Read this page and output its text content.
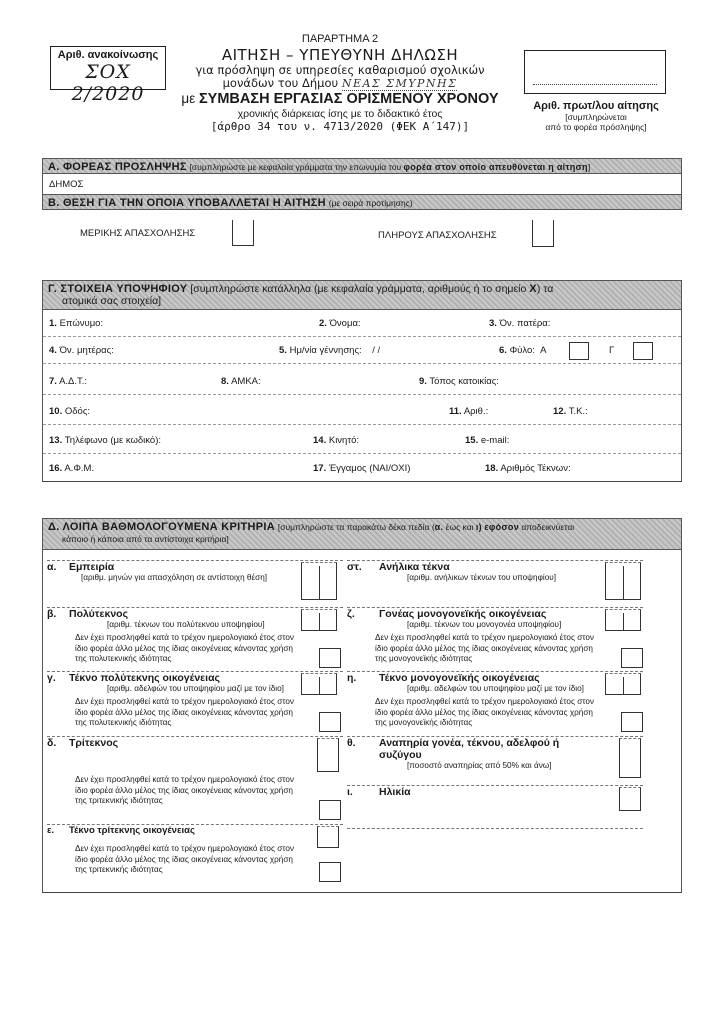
Αριθ. ανακοίνωσης
ΣΟΧ 2/2020
ΠΑΡΑΡΤΗΜΑ 2
ΑΙΤΗΣΗ – ΥΠΕΥΘΥΝΗ ΔΗΛΩΣΗ
για πρόσληψη σε υπηρεσίες καθαρισμού σχολικών
μονάδων του Δήμου ΝΕΑΣ ΣΜΥΡΝΗΣ
με ΣΥΜΒΑΣΗ ΕΡΓΑΣΙΑΣ ΟΡΙΣΜΕΝΟΥ ΧΡΟΝΟΥ
χρονικής διάρκειας ίσης με το διδακτικό έτος
[άρθρο 34 του ν. 4713/2020 (ΦΕΚ Α΄147)]
Αριθ. πρωτ/λου αίτησης
[συμπληρώνεται
από το φορέα πρόσληψης]
Α. ΦΟΡΕΑΣ ΠΡΟΣΛΗΨΗΣ [συμπληρώστε με κεφαλαία γράμματα την επωνυμία του φορέα στον οποίο απευθύνεται η αίτηση]
ΔΗΜΟΣ
Β. ΘΕΣΗ ΓΙΑ ΤΗΝ ΟΠΟΙΑ ΥΠΟΒΑΛΛΕΤΑΙ Η ΑΙΤΗΣΗ (με σειρά προτίμησης)
ΜΕΡΙΚΗΣ ΑΠΑΣΧΟΛΗΣΗΣ	ΠΛΗΡΟΥΣ ΑΠΑΣΧΟΛΗΣΗΣ
Γ. ΣΤΟΙΧΕΙΑ ΥΠΟΨΗΦΙΟΥ [συμπληρώστε κατάλληλα (με κεφαλαία γράμματα, αριθμούς ή το σημείο Χ) τα
ατομικά σας στοιχεία]
1. Επώνυμο:	2. Όνομα:	3. Όν. πατέρα:
4. Όν. μητέρας:	5. Ημ/νία γέννησης: / /	6. Φύλο: Α	Γ
7. Α.Δ.Τ.:	8. ΑΜΚΑ:	9. Τόπος κατοικίας:
10. Οδός:	11. Αριθ.:	12. Τ.Κ.:
13. Τηλέφωνο (με κωδικό):	14. Κινητό:	15. e-mail:
16. Α.Φ.Μ.	17. Έγγαμος (ΝΑΙ/ΟΧΙ)	18. Αριθμός Τέκνων:
Δ. ΛΟΙΠΑ ΒΑΘΜΟΛΟΓΟΥΜΕΝΑ ΚΡΙΤΗΡΙΑ [συμπληρώστε τα παρακάτω δέκα πεδία (α. έως και ι) εφόσον αποδεικνύεται
κάποιο ή κάποια από τα αντίστοιχα κριτήρια]
α. Εμπειρία
[αριθμ. μηνών για απασχόληση σε αντίστοιχη θέση]
β. Πολύτεκνος
[αριθμ. τέκνων του πολύτεκνου υποψηφίου]
Δεν έχει προσληφθεί κατά το τρέχον ημερολογιακό έτος στον ίδιο φορέα άλλο μέλος της ίδιας οικογένειας κάνοντας χρήση της πολυτεκνικής ιδιότητας
γ. Τέκνο πολύτεκνης οικογένειας
[αριθμ. αδελφών του υποψηφίου μαζί με τον ίδιο]
Δεν έχει προσληφθεί κατά το τρέχον ημερολογιακό έτος στον ίδιο φορέα άλλο μέλος της ίδιας οικογένειας κάνοντας χρήση της πολυτεκνικής ιδιότητας
δ. Τρίτεκνος
Δεν έχει προσληφθεί κατά το τρέχον ημερολογιακό έτος στον ίδιο φορέα άλλο μέλος της ίδιας οικογένειας κάνοντας χρήση της τριτεκνικής ιδιότητας
ε. Τέκνο τρίτεκνης οικογένειας
Δεν έχει προσληφθεί κατά το τρέχον ημερολογιακό έτος στον ίδιο φορέα άλλο μέλος της ίδιας οικογένειας κάνοντας χρήση της τριτεκνικής ιδιότητας
στ. Ανήλικα τέκνα
[αριθμ. ανήλικων τέκνων του υποψηφίου]
ζ. Γονέας μονογονεϊκής οικογένειας
[αριθμ. τέκνων του μονογονέα υποψηφίου]
Δεν έχει προσληφθεί κατά το τρέχον ημερολογιακό έτος στον ίδιο φορέα άλλο μέλος της ίδιας οικογένειας κάνοντας χρήση της μονογονεϊκής ιδιότητας
η. Τέκνο μονογονεϊκής οικογένειας
[αριθμ. αδελφών του υποψηφίου μαζί με τον ίδιο]
Δεν έχει προσληφθεί κατά το τρέχον ημερολογιακό έτος στον ίδιο φορέα άλλο μέλος της ίδιας οικογένειας κάνοντας χρήση της μονογονεϊκής ιδιότητας
θ. Αναπηρία γονέα, τέκνου, αδελφού ή συζύγου
[ποσοστό αναπηρίας από 50% και άνω]
ι. Ηλικία
